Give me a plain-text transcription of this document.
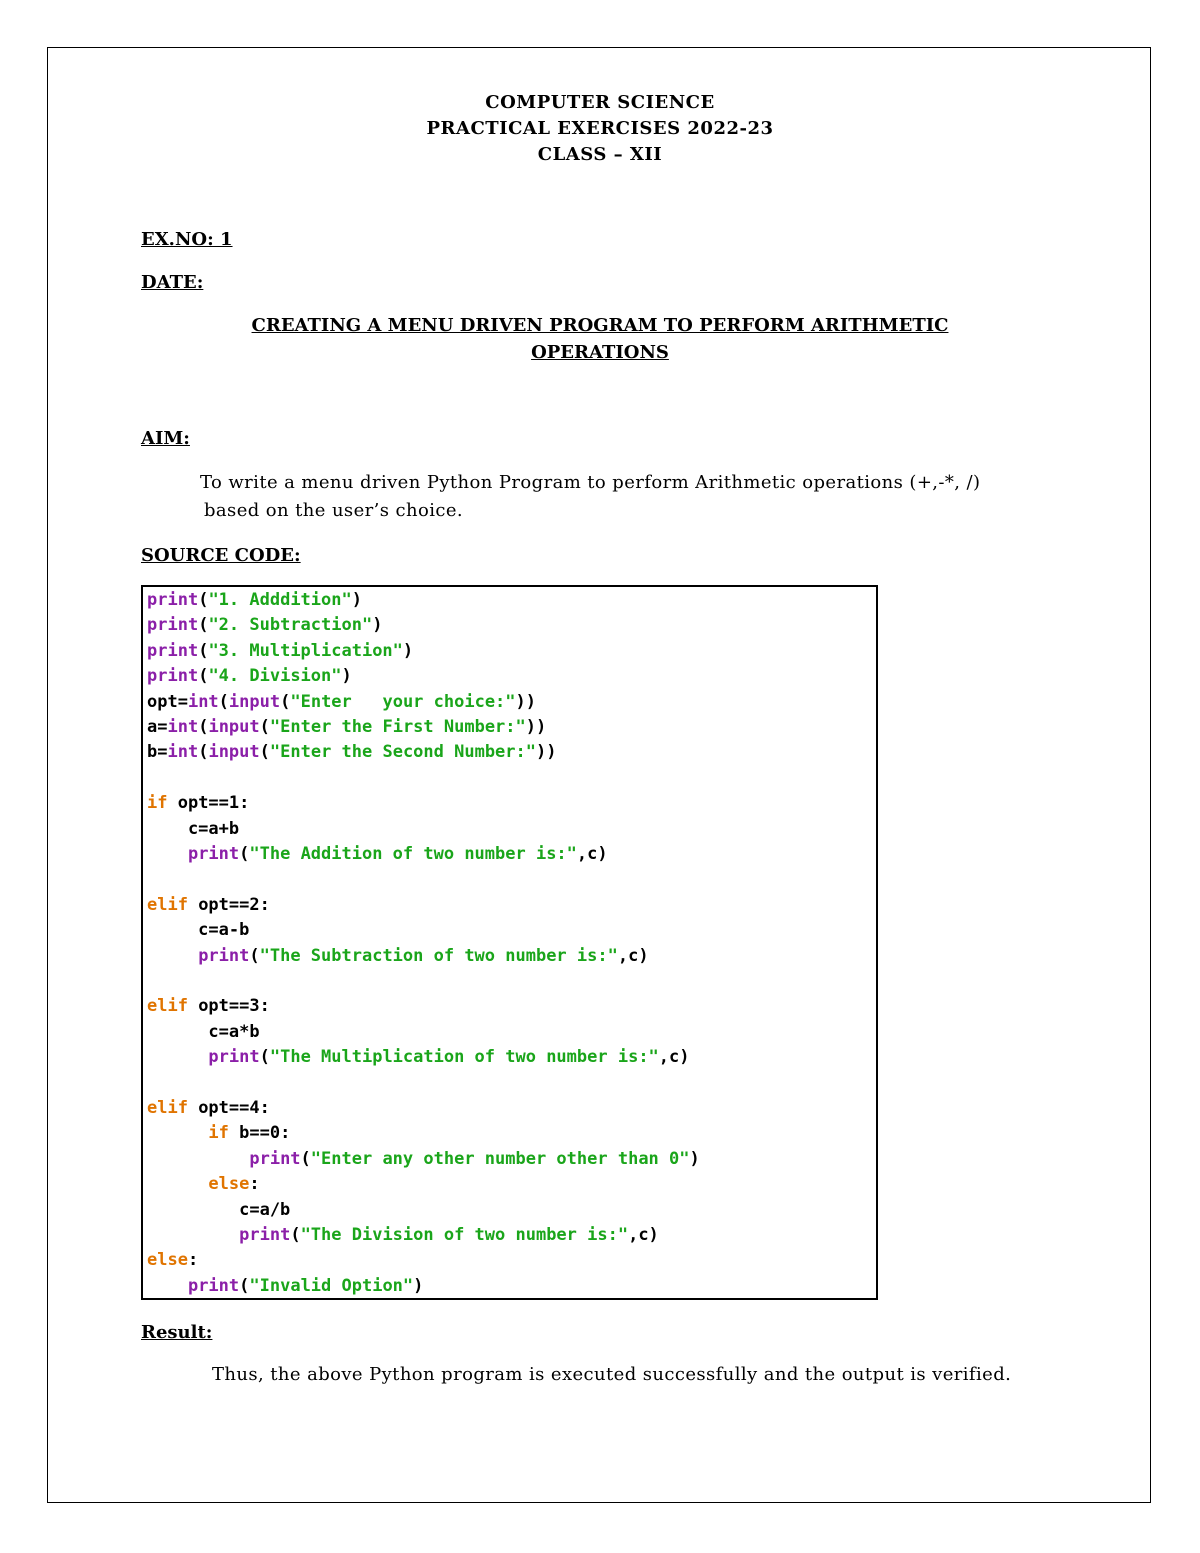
COMPUTER SCIENCE
PRACTICAL EXERCISES 2022-23
CLASS – XII
EX.NO: 1
DATE:
CREATING A MENU DRIVEN PROGRAM TO PERFORM ARITHMETIC
OPERATIONS
AIM:
To write a menu driven Python Program to perform Arithmetic operations (+,-*, /)
based on the user’s choice.
SOURCE CODE:
print("1. Adddition")
print("2. Subtraction")
print("3. Multiplication")
print("4. Division")
opt=int(input("Enter   your choice:"))
a=int(input("Enter the First Number:"))
b=int(input("Enter the Second Number:"))
if opt==1:
c=a+b
print("The Addition of two number is:",c)
elif opt==2:
c=a-b
print("The Subtraction of two number is:",c)
elif opt==3:
c=a*b
print("The Multiplication of two number is:",c)
elif opt==4:
if b==0:
print("Enter any other number other than 0")
else:
c=a/b
print("The Division of two number is:",c)
else:
print("Invalid Option")
Result:
Thus, the above Python program is executed successfully and the output is verified.
